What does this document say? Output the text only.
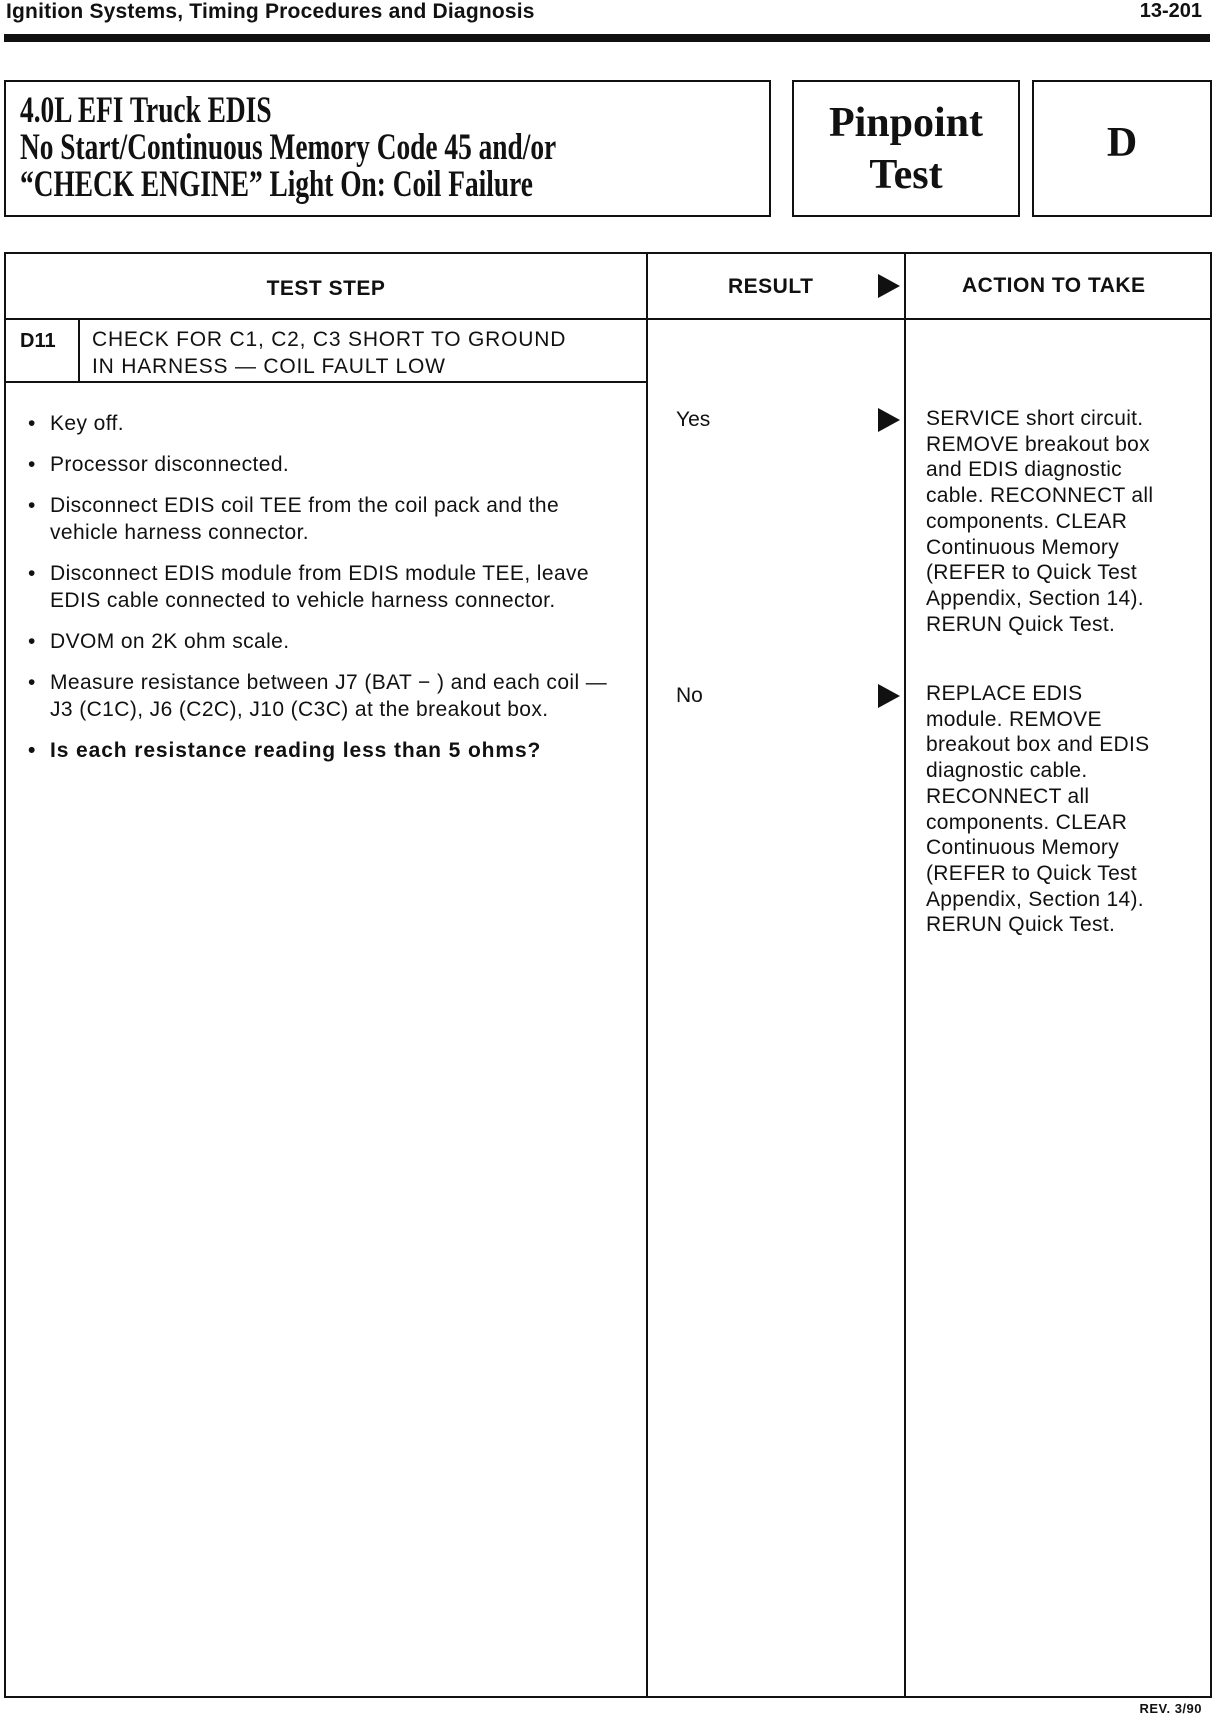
Ignition Systems, Timing Procedures and Diagnosis	13-201
4.0L EFI Truck EDIS
No Start/Continuous Memory Code 45 and/or
“CHECK ENGINE” Light On: Coil Failure
Pinpoint
Test
D
TEST STEP	RESULT	ACTION TO TAKE
D11 CHECK FOR C1, C2, C3 SHORT TO GROUND
IN HARNESS — COIL FAULT LOW
• Key off.
• Processor disconnected.
• Disconnect EDIS coil TEE from the coil pack and the vehicle harness connector.
• Disconnect EDIS module from EDIS module TEE, leave EDIS cable connected to vehicle harness connector.
• DVOM on 2K ohm scale.
• Measure resistance between J7 (BAT − ) and each coil — J3 (C1C), J6 (C2C), J10 (C3C) at the breakout box.
• Is each resistance reading less than 5 ohms?
Yes	SERVICE short circuit.
REMOVE breakout box
and EDIS diagnostic
cable. RECONNECT all
components. CLEAR
Continuous Memory
(REFER to Quick Test
Appendix, Section 14).
RERUN Quick Test.
No	REPLACE EDIS
module. REMOVE
breakout box and EDIS
diagnostic cable.
RECONNECT all
components. CLEAR
Continuous Memory
(REFER to Quick Test
Appendix, Section 14).
RERUN Quick Test.
REV. 3/90
